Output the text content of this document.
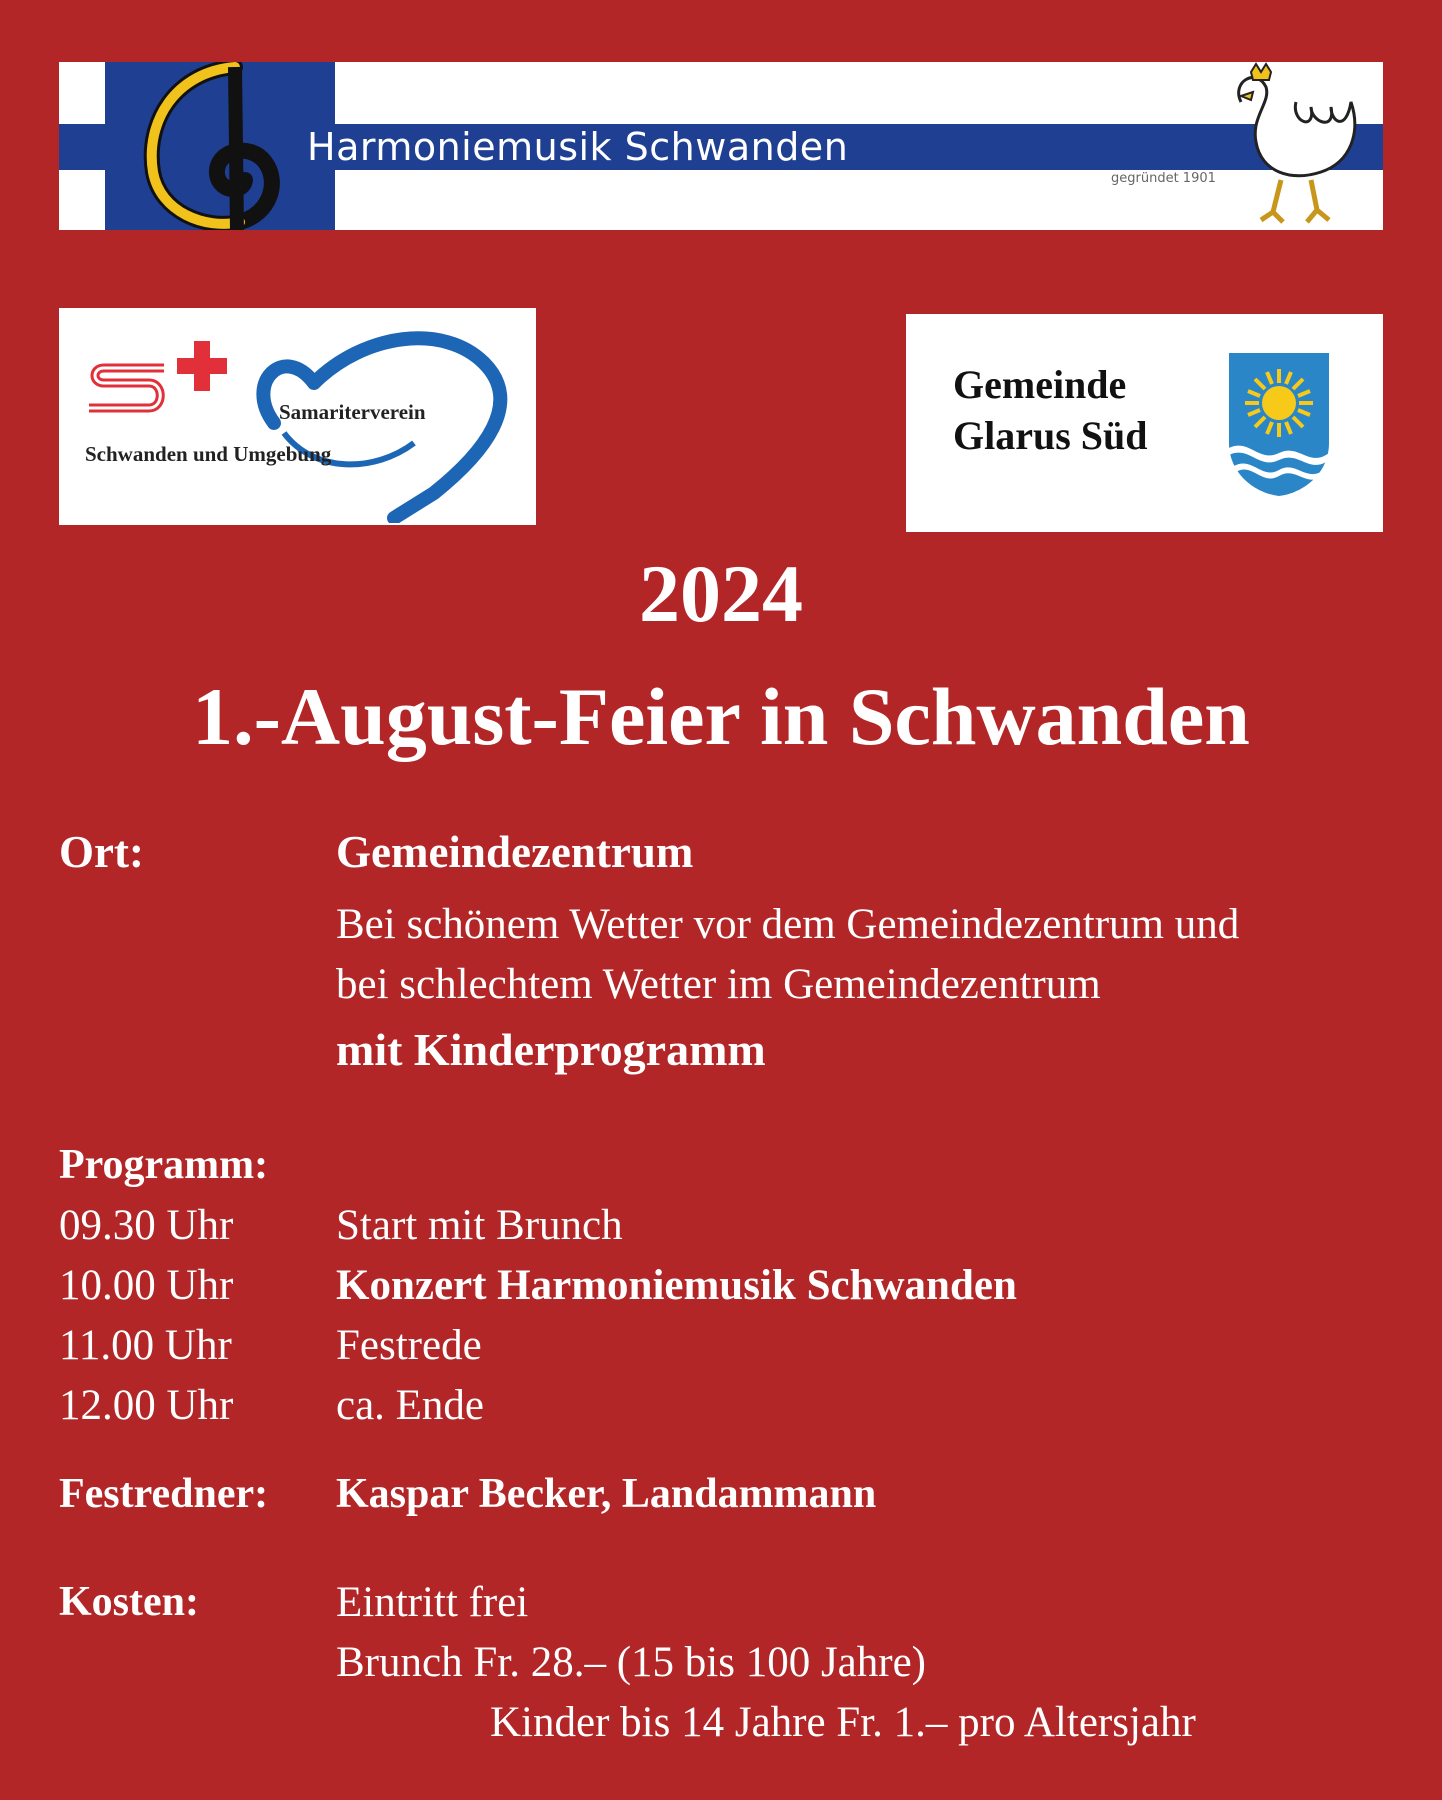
Harmoniemusik Schwanden
gegründet 1901
Samariterverein
Schwanden und Umgebung
Gemeinde
Glarus Süd
2024
1.-August-Feier in Schwanden
Ort:	Gemeindezentrum
Bei schönem Wetter vor dem Gemeindezentrum und
bei schlechtem Wetter im Gemeindezentrum
mit Kinderprogramm
Programm:
09.30 Uhr Start mit Brunch
10.00 Uhr Konzert Harmoniemusik Schwanden
11.00 Uhr Festrede
12.00 Uhr ca. Ende
Festredner: Kaspar Becker, Landammann
Kosten:	Eintritt frei
Brunch Fr. 28.– (15 bis 100 Jahre)
Kinder bis 14 Jahre Fr. 1.– pro Altersjahr
